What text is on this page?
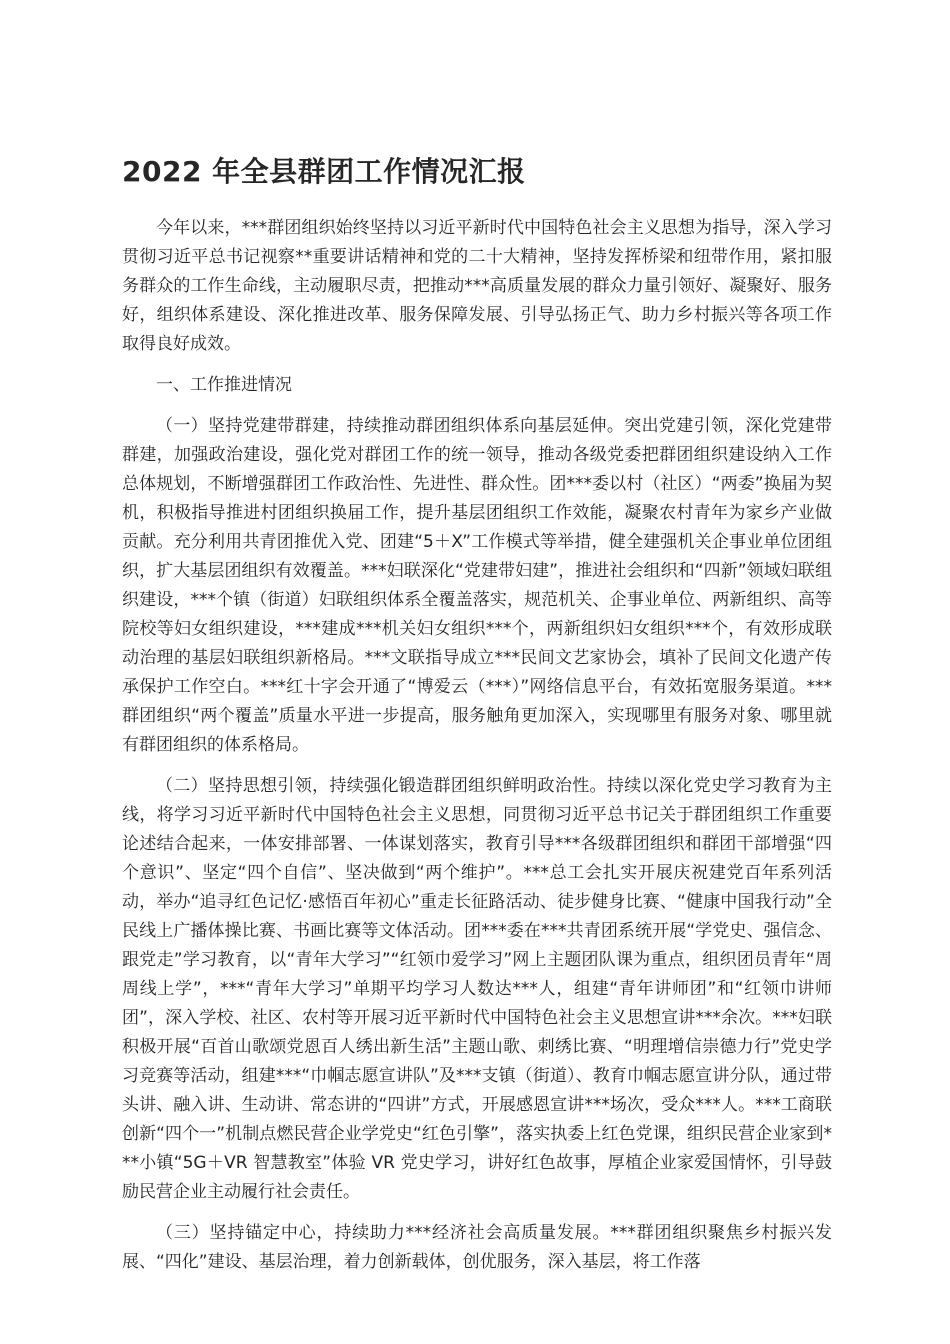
2022 年全县群团工作情况汇报

今年以来，***群团组织始终坚持以习近平新时代中国特色社会主义思想为指导，深入学习贯彻习近平总书记视察**重要讲话精神和党的二十大精神，坚持发挥桥梁和纽带作用，紧扣服务群众的工作生命线，主动履职尽责，把推动***高质量发展的群众力量引领好、凝聚好、服务好，组织体系建设、深化推进改革、服务保障发展、引导弘扬正气、助力乡村振兴等各项工作取得良好成效。

一、工作推进情况

（一）坚持党建带群建，持续推动群团组织体系向基层延伸。突出党建引领，深化党建带群建，加强政治建设，强化党对群团工作的统一领导，推动各级党委把群团组织建设纳入工作总体规划，不断增强群团工作政治性、先进性、群众性。团***委以村（社区）“两委”换届为契机，积极指导推进村团组织换届工作，提升基层团组织工作效能，凝聚农村青年为家乡产业做贡献。充分利用共青团推优入党、团建“5＋X”工作模式等举措，健全建强机关企事业单位团组织，扩大基层团组织有效覆盖。***妇联深化“党建带妇建”，推进社会组织和“四新”领域妇联组织建设，***个镇（街道）妇联组织体系全覆盖落实，规范机关、企事业单位、两新组织、高等院校等妇女组织建设，***建成***机关妇女组织***个，两新组织妇女组织***个，有效形成联动治理的基层妇联组织新格局。***文联指导成立***民间文艺家协会，填补了民间文化遗产传承保护工作空白。***红十字会开通了“博爱云（***）”网络信息平台，有效拓宽服务渠道。***群团组织“两个覆盖”质量水平进一步提高，服务触角更加深入，实现哪里有服务对象、哪里就有群团组织的体系格局。

（二）坚持思想引领，持续强化锻造群团组织鲜明政治性。持续以深化党史学习教育为主线，将学习习近平新时代中国特色社会主义思想，同贯彻习近平总书记关于群团组织工作重要论述结合起来，一体安排部署、一体谋划落实，教育引导***各级群团组织和群团干部增强“四个意识”、坚定“四个自信”、坚决做到“两个维护”。***总工会扎实开展庆祝建党百年系列活动，举办“追寻红色记忆·感悟百年初心”重走长征路活动、徒步健身比赛、“健康中国我行动”全民线上广播体操比赛、书画比赛等文体活动。团***委在***共青团系统开展“学党史、强信念、跟党走”学习教育，以“青年大学习”“红领巾爱学习”网上主题团队课为重点，组织团员青年“周周线上学”，***“青年大学习”单期平均学习人数达***人，组建“青年讲师团”和“红领巾讲师团”，深入学校、社区、农村等开展习近平新时代中国特色社会主义思想宣讲***余次。***妇联积极开展“百首山歌颂党恩百人绣出新生活”主题山歌、刺绣比赛、“明理增信崇德力行”党史学习竞赛等活动，组建***“巾帼志愿宣讲队”及***支镇（街道）、教育巾帼志愿宣讲分队，通过带头讲、融入讲、生动讲、常态讲的“四讲”方式，开展感恩宣讲***场次，受众***人。***工商联创新“四个一”机制点燃民营企业学党史“红色引擎”，落实执委上红色党课，组织民营企业家到***小镇“5G＋VR 智慧教室”体验 VR 党史学习，讲好红色故事，厚植企业家爱国情怀，引导鼓励民营企业主动履行社会责任。

（三）坚持锚定中心，持续助力***经济社会高质量发展。***群团组织聚焦乡村振兴发展、“四化”建设、基层治理，着力创新载体，创优服务，深入基层，将工作落
